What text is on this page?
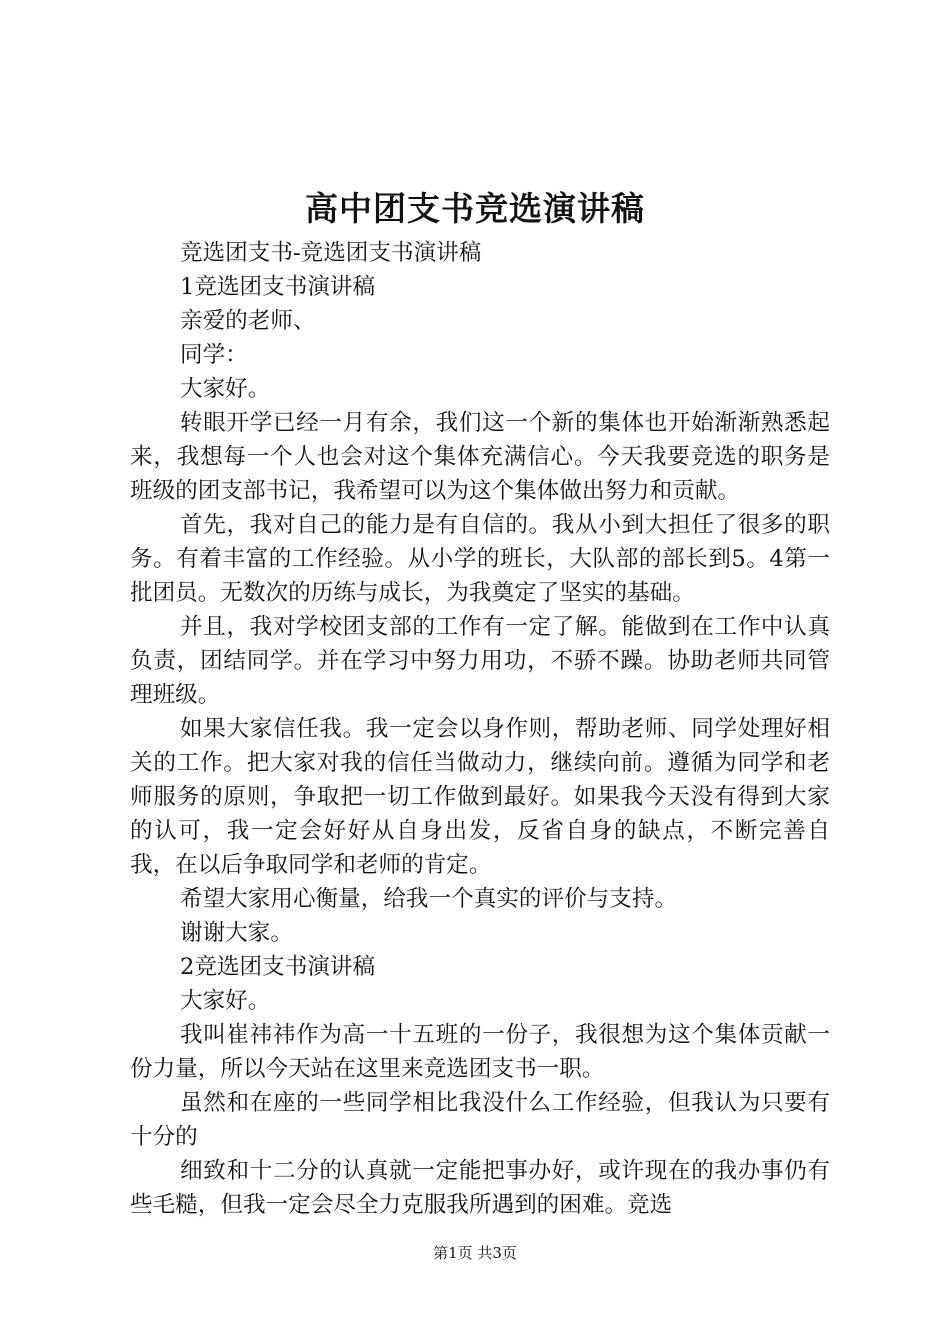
高中团支书竞选演讲稿

竞选团支书-竞选团支书演讲稿

1竞选团支书演讲稿

亲爱的老师、

同学：

大家好。

转眼开学已经一月有余，我们这一个新的集体也开始渐渐熟悉起来，我想每一个人也会对这个集体充满信心。今天我要竞选的职务是班级的团支部书记，我希望可以为这个集体做出努力和贡献。

首先，我对自己的能力是有自信的。我从小到大担任了很多的职务。有着丰富的工作经验。从小学的班长，大队部的部长到5。4第一批团员。无数次的历练与成长，为我奠定了坚实的基础。

并且，我对学校团支部的工作有一定了解。能做到在工作中认真负责，团结同学。并在学习中努力用功，不骄不躁。协助老师共同管理班级。

如果大家信任我。我一定会以身作则，帮助老师、同学处理好相关的工作。把大家对我的信任当做动力，继续向前。遵循为同学和老师服务的原则，争取把一切工作做到最好。如果我今天没有得到大家的认可，我一定会好好从自身出发，反省自身的缺点，不断完善自我，在以后争取同学和老师的肯定。

希望大家用心衡量，给我一个真实的评价与支持。

谢谢大家。

2竞选团支书演讲稿

大家好。

我叫崔祎祎作为高一十五班的一份子，我很想为这个集体贡献一份力量，所以今天站在这里来竞选团支书一职。

虽然和在座的一些同学相比我没什么工作经验，但我认为只要有十分的

细致和十二分的认真就一定能把事办好，或许现在的我办事仍有些毛糙，但我一定会尽全力克服我所遇到的困难。竞选

第1页 共3页
